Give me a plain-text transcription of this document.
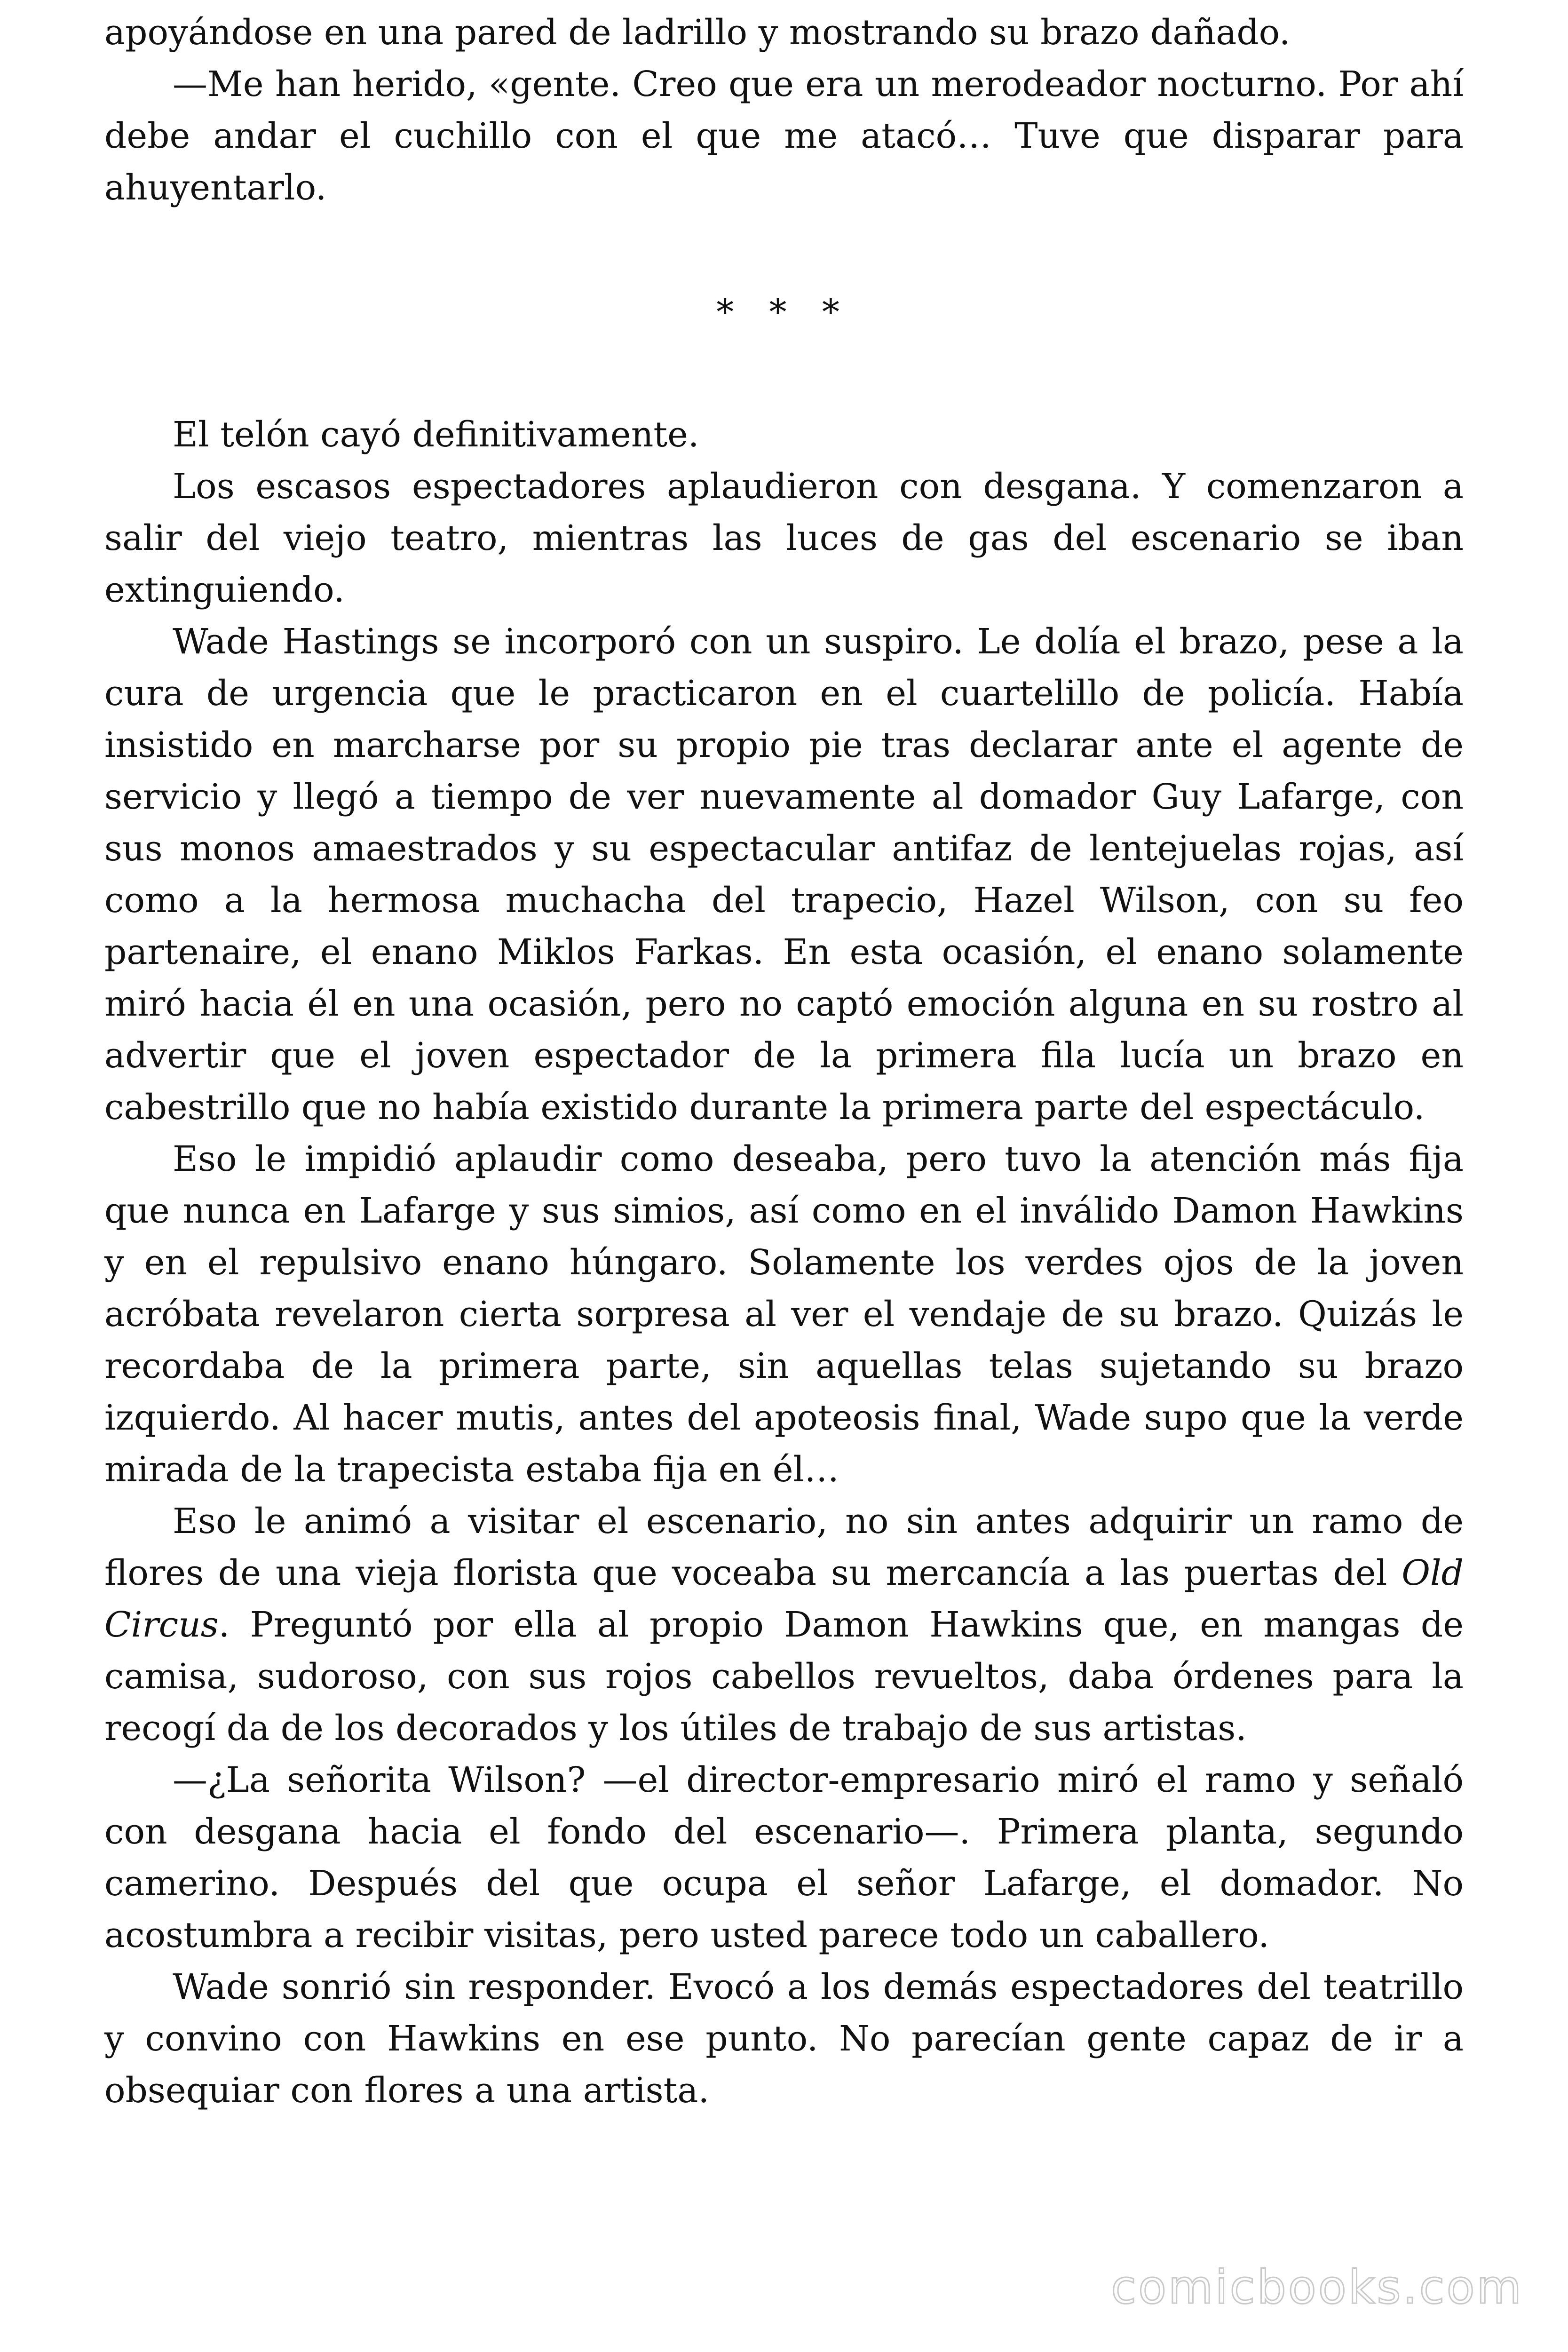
apoyándose en una pared de ladrillo y mostrando su brazo dañado.

—Me han herido, «gente. Creo que era un merodeador nocturno. Por ahí debe andar el cuchillo con el que me atacó… Tuve que disparar para ahuyentarlo.

* * *

El telón cayó definitivamente.

Los escasos espectadores aplaudieron con desgana. Y comenzaron a salir del viejo teatro, mientras las luces de gas del escenario se iban extinguiendo.

Wade Hastings se incorporó con un suspiro. Le dolía el brazo, pese a la cura de urgencia que le practicaron en el cuartelillo de policía. Había insistido en marcharse por su propio pie tras declarar ante el agente de servicio y llegó a tiempo de ver nuevamente al domador Guy Lafarge, con sus monos amaestrados y su espectacular antifaz de lentejuelas rojas, así como a la hermosa muchacha del trapecio, Hazel Wilson, con su feo partenaire, el enano Miklos Farkas. En esta ocasión, el enano solamente miró hacia él en una ocasión, pero no captó emoción alguna en su rostro al advertir que el joven espectador de la primera fila lucía un brazo en cabestrillo que no había existido durante la primera parte del espectáculo.

Eso le impidió aplaudir como deseaba, pero tuvo la atención más fija que nunca en Lafarge y sus simios, así como en el inválido Damon Hawkins y en el repulsivo enano húngaro. Solamente los verdes ojos de la joven acróbata revelaron cierta sorpresa al ver el vendaje de su brazo. Quizás le recordaba de la primera parte, sin aquellas telas sujetando su brazo izquierdo. Al hacer mutis, antes del apoteosis final, Wade supo que la verde mirada de la trapecista estaba fija en él…

Eso le animó a visitar el escenario, no sin antes adquirir un ramo de flores de una vieja florista que voceaba su mercancía a las puertas del Old Circus. Preguntó por ella al propio Damon Hawkins que, en mangas de camisa, sudoroso, con sus rojos cabellos revueltos, daba órdenes para la recogí da de los decorados y los útiles de trabajo de sus artistas.

—¿La señorita Wilson? —el director-empresario miró el ramo y señaló con desgana hacia el fondo del escenario—. Primera planta, segundo camerino. Después del que ocupa el señor Lafarge, el domador. No acostumbra a recibir visitas, pero usted parece todo un caballero.

Wade sonrió sin responder. Evocó a los demás espectadores del teatrillo y convino con Hawkins en ese punto. No parecían gente capaz de ir a obsequiar con flores a una artista.

comicbooks.com
